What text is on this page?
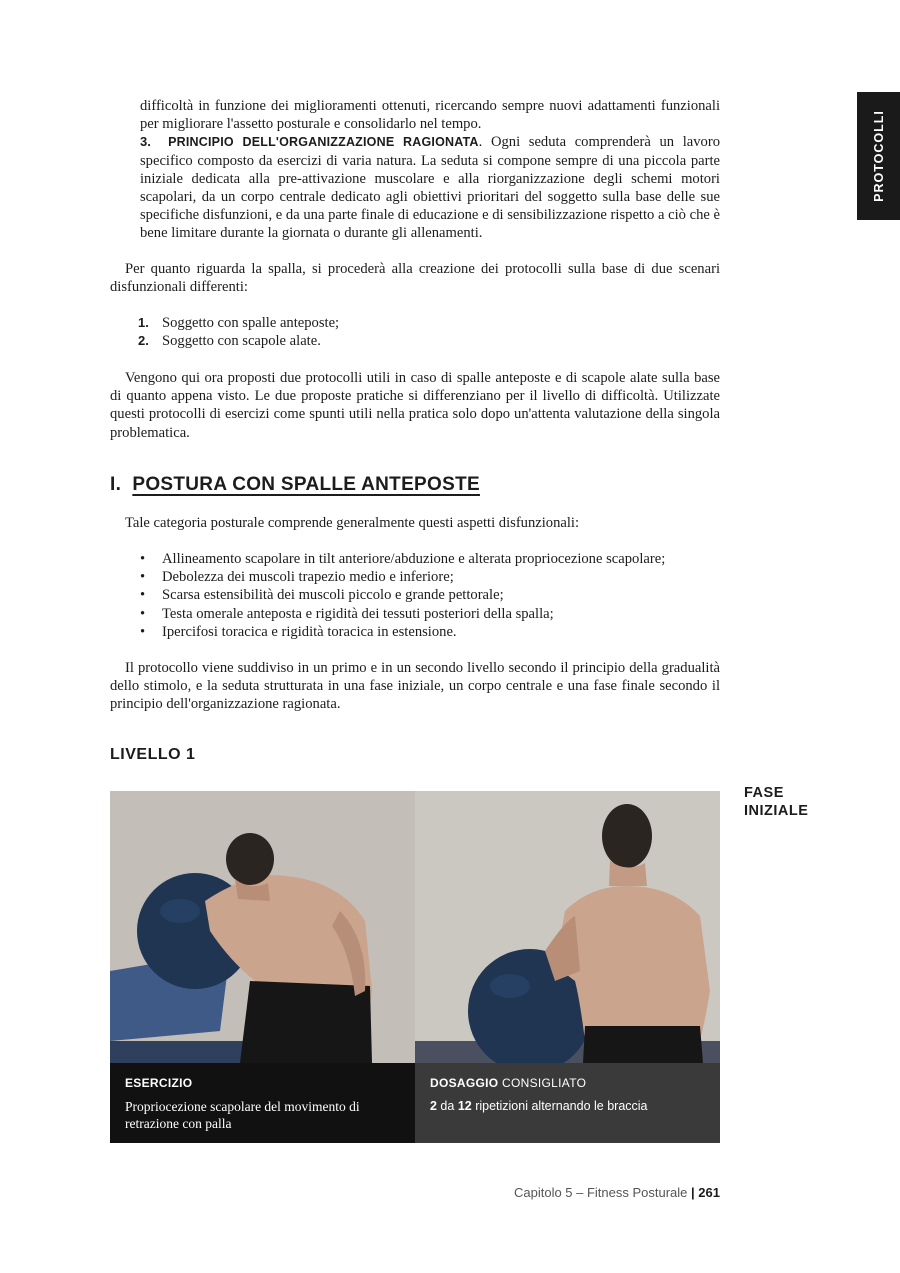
PROTOCOLLI
difficoltà in funzione dei miglioramenti ottenuti, ricercando sempre nuovi adattamenti funzionali per migliorare l'assetto posturale e consolidarlo nel tempo.
3. PRINCIPIO DELL'ORGANIZZAZIONE RAGIONATA. Ogni seduta comprenderà un lavoro specifico composto da esercizi di varia natura. La seduta si compone sempre di una piccola parte iniziale dedicata alla pre-attivazione muscolare e alla riorganizzazione degli schemi motori scapolari, da un corpo centrale dedicato agli obiettivi prioritari del soggetto sulla base delle sue specifiche disfunzioni, e da una parte finale di educazione e di sensibilizzazione rispetto a ciò che è bene limitare durante la giornata o durante gli allenamenti.
Per quanto riguarda la spalla, si procederà alla creazione dei protocolli sulla base di due scenari disfunzionali differenti:
1. Soggetto con spalle anteposte;
2. Soggetto con scapole alate.
Vengono qui ora proposti due protocolli utili in caso di spalle anteposte e di scapole alate sulla base di quanto appena visto. Le due proposte pratiche si differenziano per il livello di difficoltà. Utilizzate questi protocolli di esercizi come spunti utili nella pratica solo dopo un'attenta valutazione della singola problematica.
I. POSTURA CON SPALLE ANTEPOSTE
Tale categoria posturale comprende generalmente questi aspetti disfunzionali:
• Allineamento scapolare in tilt anteriore/abduzione e alterata propriocezione scapolare;
• Debolezza dei muscoli trapezio medio e inferiore;
• Scarsa estensibilità dei muscoli piccolo e grande pettorale;
• Testa omerale anteposta e rigidità dei tessuti posteriori della spalla;
• Ipercifosi toracica e rigidità toracica in estensione.
Il protocollo viene suddiviso in un primo e in un secondo livello secondo il principio della gradualità dello stimolo, e la seduta strutturata in una fase iniziale, un corpo centrale e una fase finale secondo il principio dell'organizzazione ragionata.
LIVELLO 1
FASE
INIZIALE
ESERCIZIO
Propriocezione scapolare del movimento di retrazione con palla
DOSAGGIO CONSIGLIATO
2 da 12 ripetizioni alternando le braccia
Capitolo 5 – Fitness Posturale | 261
